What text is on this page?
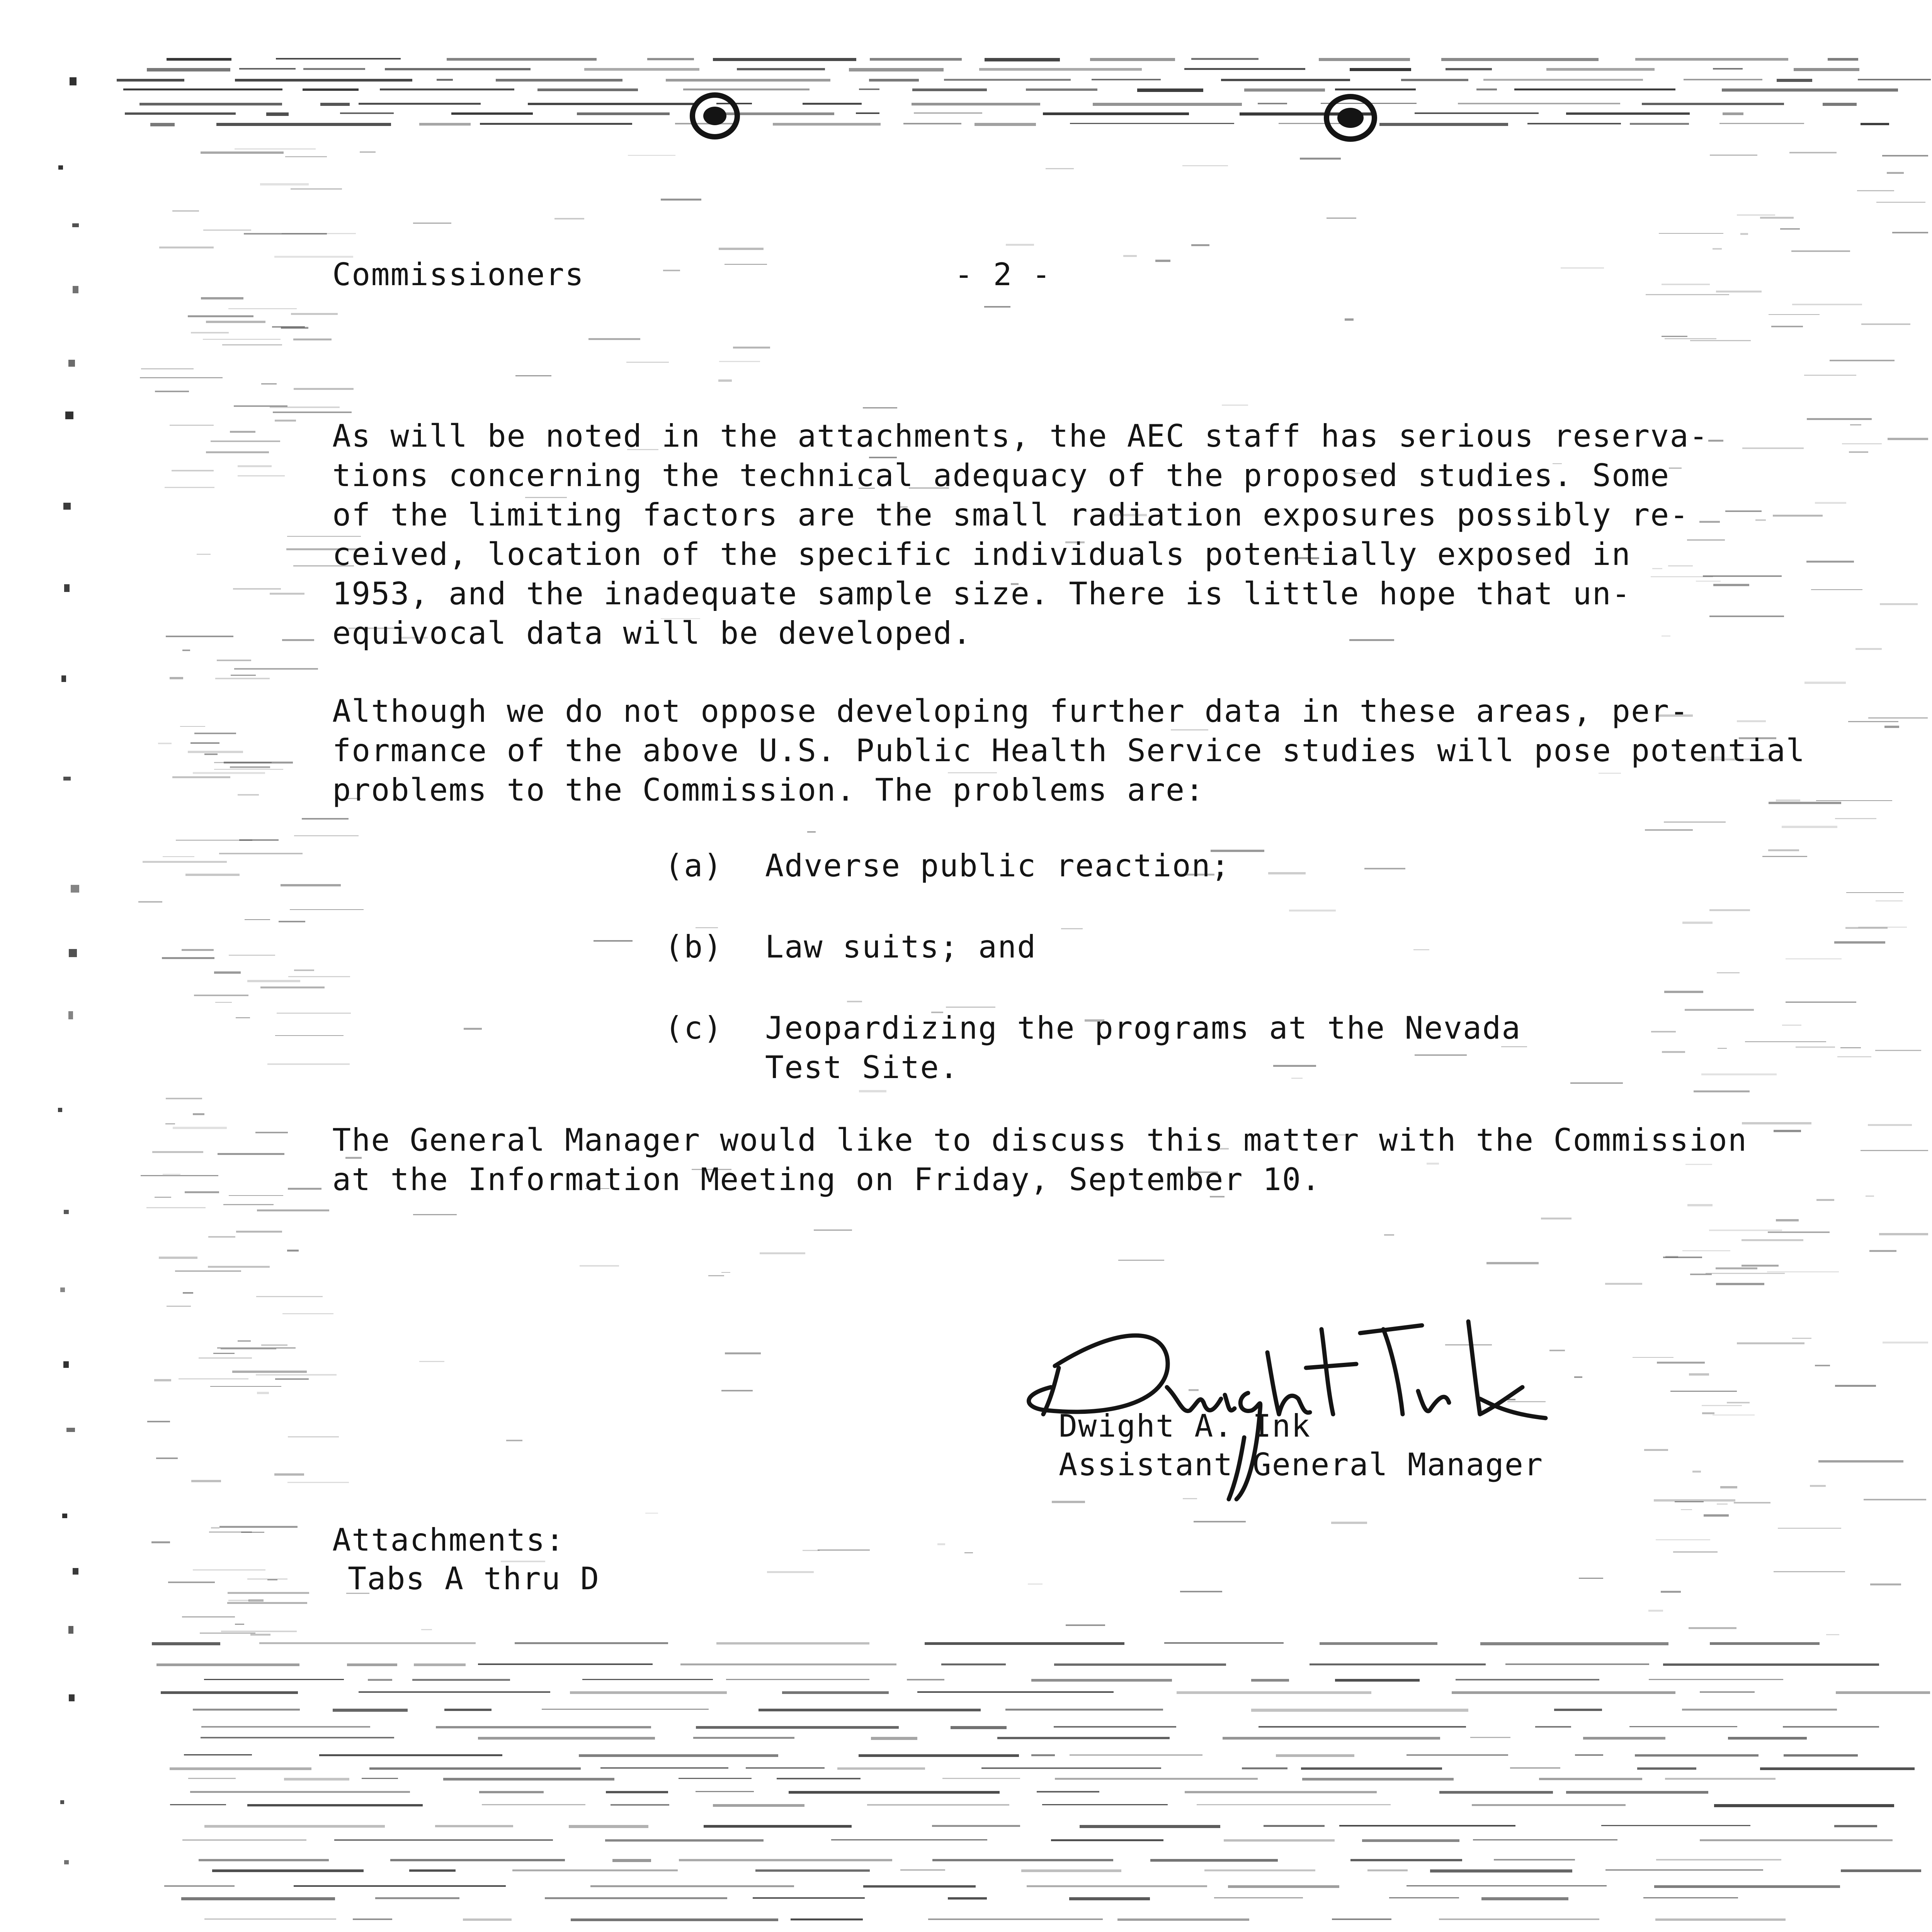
Commissioners	- 2 -

As will be noted in the attachments, the AEC staff has serious reserva-
tions concerning the technical adequacy of the proposed studies. Some
of the limiting factors are the small radiation exposures possibly re-
ceived, location of the specific individuals potentially exposed in
1953, and the inadequate sample size. There is little hope that un-
equivocal data will be developed.

Although we do not oppose developing further data in these areas, per-
formance of the above U.S. Public Health Service studies will pose potential
problems to the Commission. The problems are:

(a) Adverse public reaction;

(b) Law suits; and

(c) Jeopardizing the programs at the Nevada
Test Site.

The General Manager would like to discuss this matter with the Commission
at the Information Meeting on Friday, September 10.

Dwight A. Ink

Assistant General Manager

Attachments:

Tabs A thru D
